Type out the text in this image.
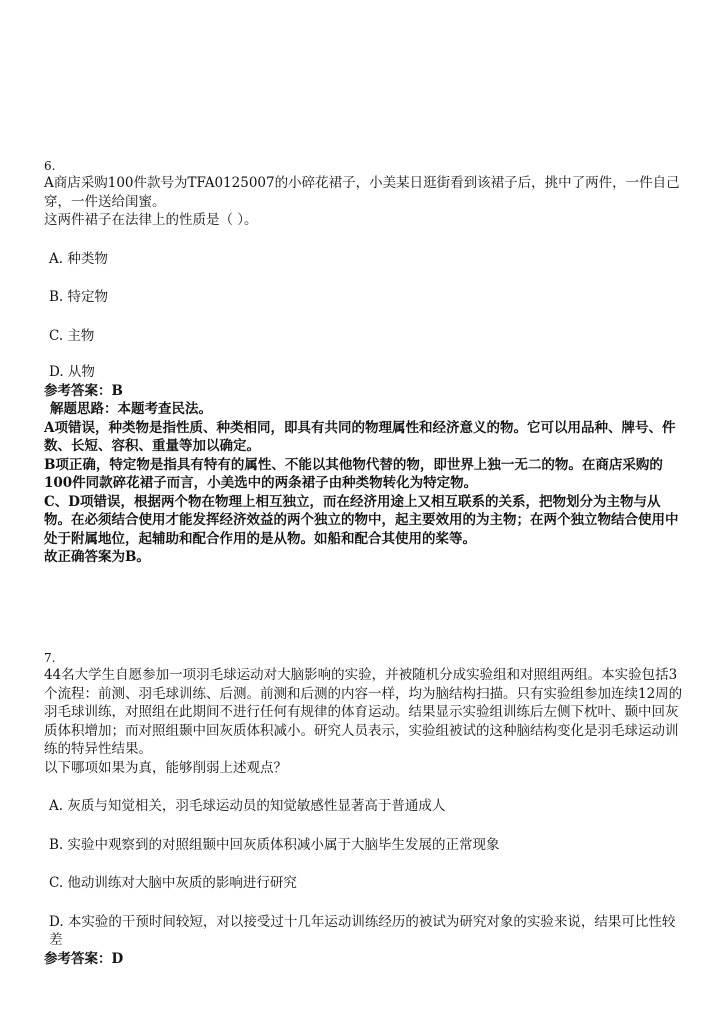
6.
A商店采购100件款号为TFA0125007的小碎花裙子，小美某日逛街看到该裙子后，挑中了两件，一件自己穿，一件送给闺蜜。
这两件裙子在法律上的性质是（ ）。
A. 种类物
B. 特定物
C. 主物
D. 从物
参考答案：B
解题思路：本题考查民法。
A项错误，种类物是指性质、种类相同，即具有共同的物理属性和经济意义的物。它可以用品种、牌号、件数、长短、容积、重量等加以确定。
B项正确，特定物是指具有特有的属性、不能以其他物代替的物，即世界上独一无二的物。在商店采购的100件同款碎花裙子而言，小美选中的两条裙子由种类物转化为特定物。
C、D项错误，根据两个物在物理上相互独立，而在经济用途上又相互联系的关系，把物划分为主物与从物。在必须结合使用才能发挥经济效益的两个独立的物中，起主要效用的为主物；在两个独立物结合使用中处于附属地位，起辅助和配合作用的是从物。如船和配合其使用的桨等。
故正确答案为B。
7.
44名大学生自愿参加一项羽毛球运动对大脑影响的实验，并被随机分成实验组和对照组两组。本实验包括3个流程：前测、羽毛球训练、后测。前测和后测的内容一样，均为脑结构扫描。只有实验组参加连续12周的羽毛球训练，对照组在此期间不进行任何有规律的体育运动。结果显示实验组训练后左侧下枕叶、颞中回灰质体积增加；而对照组颞中回灰质体积减小。研究人员表示，实验组被试的这种脑结构变化是羽毛球运动训练的特异性结果。
以下哪项如果为真，能够削弱上述观点？
A. 灰质与知觉相关，羽毛球运动员的知觉敏感性显著高于普通成人
B. 实验中观察到的对照组颞中回灰质体积减小属于大脑毕生发展的正常现象
C. 他动训练对大脑中灰质的影响进行研究
D. 本实验的干预时间较短，对以接受过十几年运动训练经历的被试为研究对象的实验来说，结果可比性较差
参考答案：D
